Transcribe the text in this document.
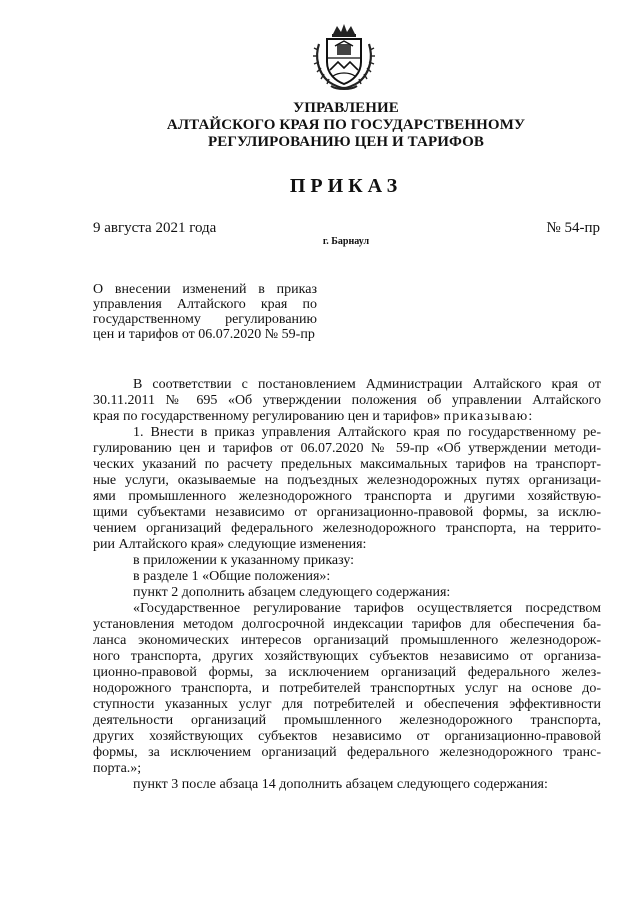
УПРАВЛЕНИЕ
АЛТАЙСКОГО КРАЯ ПО ГОСУДАРСТВЕННОМУ
РЕГУЛИРОВАНИЮ ЦЕН И ТАРИФОВ
ПРИКАЗ
9 августа 2021 года	№ 54-пр
г. Барнаул
О внесении изменений в приказ управления Алтайского края по государственному регулированию цен и тарифов от 06.07.2020 № 59-пр
В соответствии с постановлением Администрации Алтайского края от
30.11.2011 № 695 «Об утверждении положения об управлении Алтайского
края по государственному регулированию цен и тарифов» приказываю:
1. Внести в приказ управления Алтайского края по государственному ре-
гулированию цен и тарифов от 06.07.2020 № 59-пр «Об утверждении методи-
ческих указаний по расчету предельных максимальных тарифов на транспорт-
ные услуги, оказываемые на подъездных железнодорожных путях организаци-
ями промышленного железнодорожного транспорта и другими хозяйствую-
щими субъектами независимо от организационно-правовой формы, за исклю-
чением организаций федерального железнодорожного транспорта, на террито-
рии Алтайского края» следующие изменения:
в приложении к указанному приказу:
в разделе 1 «Общие положения»:
пункт 2 дополнить абзацем следующего содержания:
«Государственное регулирование тарифов осуществляется посредством
установления методом долгосрочной индексации тарифов для обеспечения ба-
ланса экономических интересов организаций промышленного железнодорож-
ного транспорта, других хозяйствующих субъектов независимо от организа-
ционно-правовой формы, за исключением организаций федерального желез-
нодорожного транспорта, и потребителей транспортных услуг на основе до-
ступности указанных услуг для потребителей и обеспечения эффективности
деятельности организаций промышленного железнодорожного транспорта,
других хозяйствующих субъектов независимо от организационно-правовой
формы, за исключением организаций федерального железнодорожного транс-
порта.»;
пункт 3 после абзаца 14 дополнить абзацем следующего содержания:
